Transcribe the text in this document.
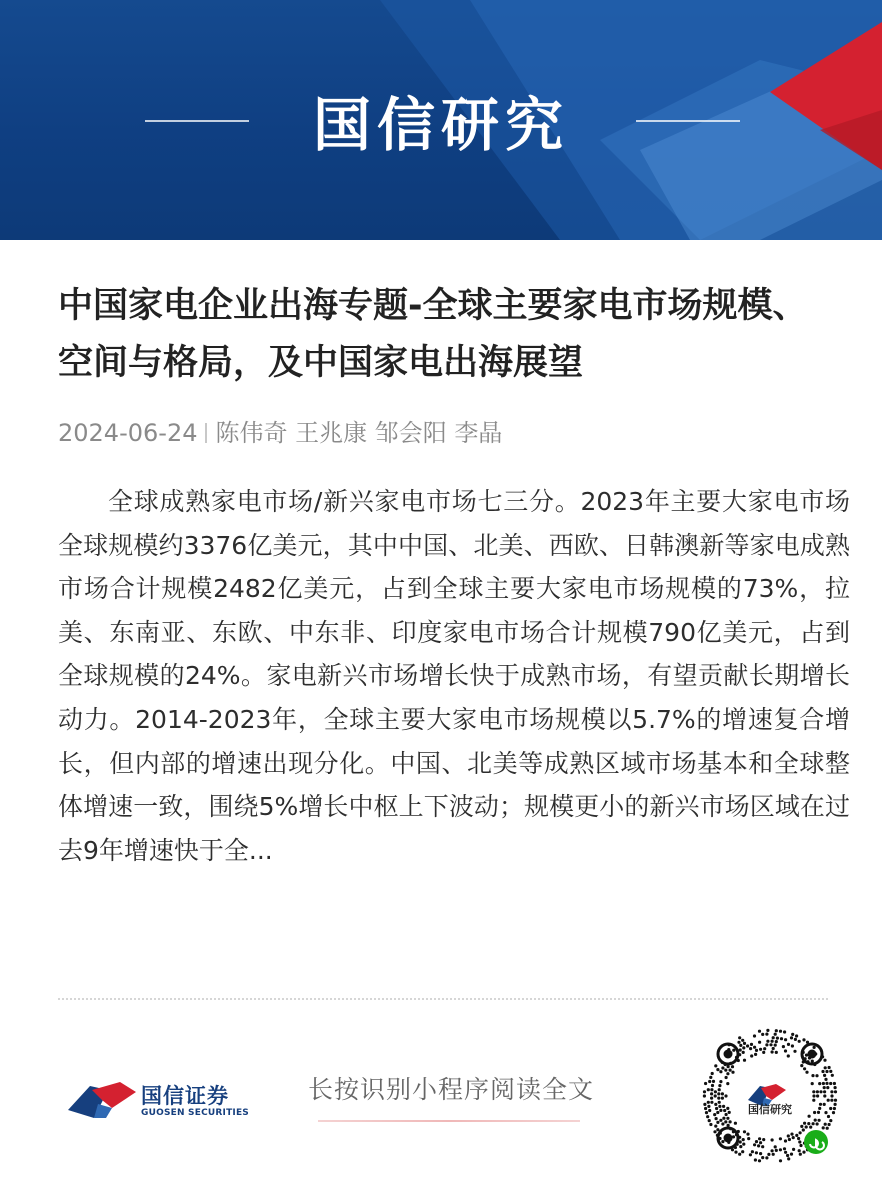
国信研究
中国家电企业出海专题-全球主要家电市场规模、空间与格局，及中国家电出海展望
2024-06-24 陈伟奇 王兆康 邹会阳 李晶
全球成熟家电市场/新兴家电市场七三分。2023年主要大家电市场全球规模约3376亿美元，其中中国、北美、西欧、日韩澳新等家电成熟市场合计规模2482亿美元，占到全球主要大家电市场规模的73%，拉美、东南亚、东欧、中东非、印度家电市场合计规模790亿美元，占到全球规模的24%。家电新兴市场增长快于成熟市场，有望贡献长期增长动力。2014-2023年，全球主要大家电市场规模以5.7%的增速复合增长，但内部的增速出现分化。中国、北美等成熟区域市场基本和全球整体增速一致，围绕5%增长中枢上下波动；规模更小的新兴市场区域在过去9年增速快于全...
国信证券
GUOSEN SECURITIES
长按识别小程序阅读全文
国信研究
